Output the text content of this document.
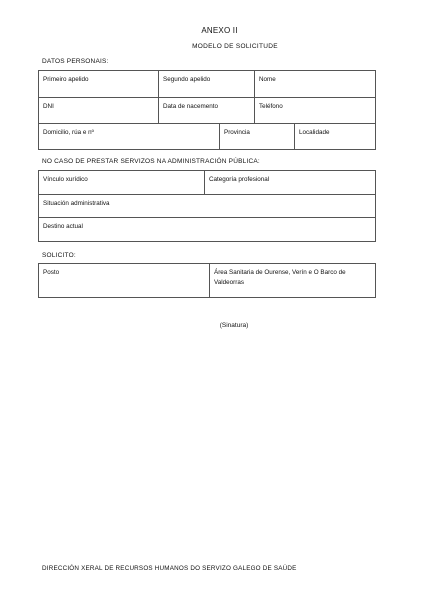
ANEXO II
MODELO DE SOLICITUDE
DATOS PERSONAIS:
Primeiro apelido	Segundo apelido	Nome
DNI	Data de nacemento	Teléfono
Domicilio, rúa e nº	Provincia	Localidade
NO CASO DE PRESTAR SERVIZOS NA ADMINISTRACIÓN PÚBLICA:
Vínculo xurídico	Categoría profesional
Situación administrativa
Destino actual
SOLICITO:
Posto	Área Sanitaria de Ourense, Verín e O Barco de
Valdeorras
(Sinatura)
DIRECCIÓN XERAL DE RECURSOS HUMANOS DO SERVIZO GALEGO DE SAÚDE
